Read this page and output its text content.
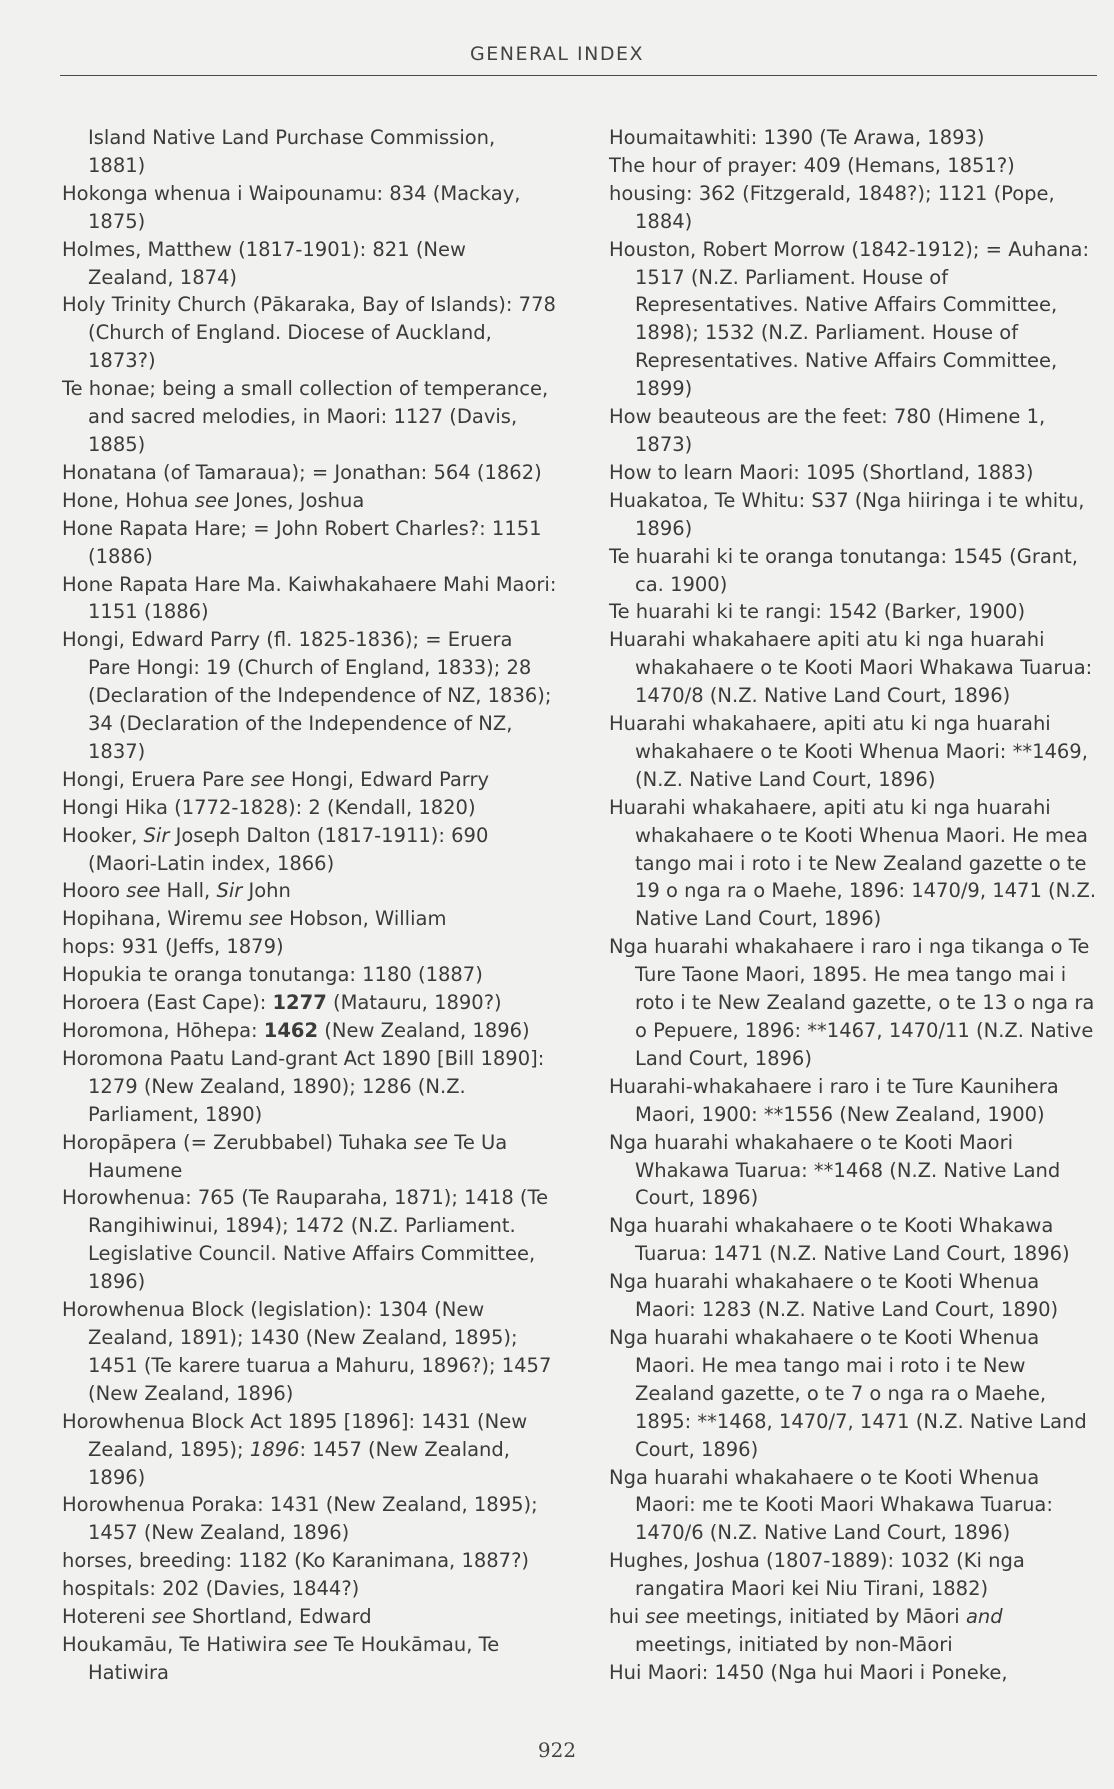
GENERAL INDEX
Island Native Land Purchase Commission, 1881)
Hokonga whenua i Waipounamu: 834 (Mackay, 1875)
Holmes, Matthew (1817-1901): 821 (New Zealand, 1874)
Holy Trinity Church (Pākaraka, Bay of Islands): 778 (Church of England. Diocese of Auckland, 1873?)
Te honae; being a small collection of temperance, and sacred melodies, in Maori: 1127 (Davis, 1885)
Honatana (of Tamaraua); = Jonathan: 564 (1862)
Hone, Hohua see Jones, Joshua
Hone Rapata Hare; = John Robert Charles?: 1151 (1886)
Hone Rapata Hare Ma. Kaiwhakahaere Mahi Maori: 1151 (1886)
Hongi, Edward Parry (fl. 1825-1836); = Eruera Pare Hongi: 19 (Church of England, 1833); 28 (Declaration of the Independence of NZ, 1836); 34 (Declaration of the Independence of NZ, 1837)
Hongi, Eruera Pare see Hongi, Edward Parry
Hongi Hika (1772-1828): 2 (Kendall, 1820)
Hooker, Sir Joseph Dalton (1817-1911): 690 (Maori-Latin index, 1866)
Hooro see Hall, Sir John
Hopihana, Wiremu see Hobson, William
hops: 931 (Jeffs, 1879)
Hopukia te oranga tonutanga: 1180 (1887)
Horoera (East Cape): 1277 (Matauru, 1890?)
Horomona, Hōhepa: 1462 (New Zealand, 1896)
Horomona Paatu Land-grant Act 1890 [Bill 1890]: 1279 (New Zealand, 1890); 1286 (N.Z. Parliament, 1890)
Horopāpera (= Zerubbabel) Tuhaka see Te Ua Haumene
Horowhenua: 765 (Te Rauparaha, 1871); 1418 (Te Rangihiwinui, 1894); 1472 (N.Z. Parliament. Legislative Council. Native Affairs Committee, 1896)
Horowhenua Block (legislation): 1304 (New Zealand, 1891); 1430 (New Zealand, 1895); 1451 (Te karere tuarua a Mahuru, 1896?); 1457 (New Zealand, 1896)
Horowhenua Block Act 1895 [1896]: 1431 (New Zealand, 1895); 1896: 1457 (New Zealand, 1896)
Horowhenua Poraka: 1431 (New Zealand, 1895); 1457 (New Zealand, 1896)
horses, breeding: 1182 (Ko Karanimana, 1887?)
hospitals: 202 (Davies, 1844?)
Hotereni see Shortland, Edward
Houkamāu, Te Hatiwira see Te Houkāmau, Te Hatiwira
Houmaitawhiti: 1390 (Te Arawa, 1893)
The hour of prayer: 409 (Hemans, 1851?)
housing: 362 (Fitzgerald, 1848?); 1121 (Pope, 1884)
Houston, Robert Morrow (1842-1912); = Auhana: 1517 (N.Z. Parliament. House of Representatives. Native Affairs Committee, 1898); 1532 (N.Z. Parliament. House of Representatives. Native Affairs Committee, 1899)
How beauteous are the feet: 780 (Himene 1, 1873)
How to learn Maori: 1095 (Shortland, 1883)
Huakatoa, Te Whitu: S37 (Nga hiiringa i te whitu, 1896)
Te huarahi ki te oranga tonutanga: 1545 (Grant, ca. 1900)
Te huarahi ki te rangi: 1542 (Barker, 1900)
Huarahi whakahaere apiti atu ki nga huarahi whakahaere o te Kooti Maori Whakawa Tuarua: 1470/8 (N.Z. Native Land Court, 1896)
Huarahi whakahaere, apiti atu ki nga huarahi whakahaere o te Kooti Whenua Maori: **1469, (N.Z. Native Land Court, 1896)
Huarahi whakahaere, apiti atu ki nga huarahi whakahaere o te Kooti Whenua Maori. He mea tango mai i roto i te New Zealand gazette o te 19 o nga ra o Maehe, 1896: 1470/9, 1471 (N.Z. Native Land Court, 1896)
Nga huarahi whakahaere i raro i nga tikanga o Te Ture Taone Maori, 1895. He mea tango mai i roto i te New Zealand gazette, o te 13 o nga ra o Pepuere, 1896: **1467, 1470/11 (N.Z. Native Land Court, 1896)
Huarahi-whakahaere i raro i te Ture Kaunihera Maori, 1900: **1556 (New Zealand, 1900)
Nga huarahi whakahaere o te Kooti Maori Whakawa Tuarua: **1468 (N.Z. Native Land Court, 1896)
Nga huarahi whakahaere o te Kooti Whakawa Tuarua: 1471 (N.Z. Native Land Court, 1896)
Nga huarahi whakahaere o te Kooti Whenua Maori: 1283 (N.Z. Native Land Court, 1890)
Nga huarahi whakahaere o te Kooti Whenua Maori. He mea tango mai i roto i te New Zealand gazette, o te 7 o nga ra o Maehe, 1895: **1468, 1470/7, 1471 (N.Z. Native Land Court, 1896)
Nga huarahi whakahaere o te Kooti Whenua Maori: me te Kooti Maori Whakawa Tuarua: 1470/6 (N.Z. Native Land Court, 1896)
Hughes, Joshua (1807-1889): 1032 (Ki nga rangatira Maori kei Niu Tirani, 1882)
hui see meetings, initiated by Māori and meetings, initiated by non-Māori
Hui Maori: 1450 (Nga hui Maori i Poneke,
922
